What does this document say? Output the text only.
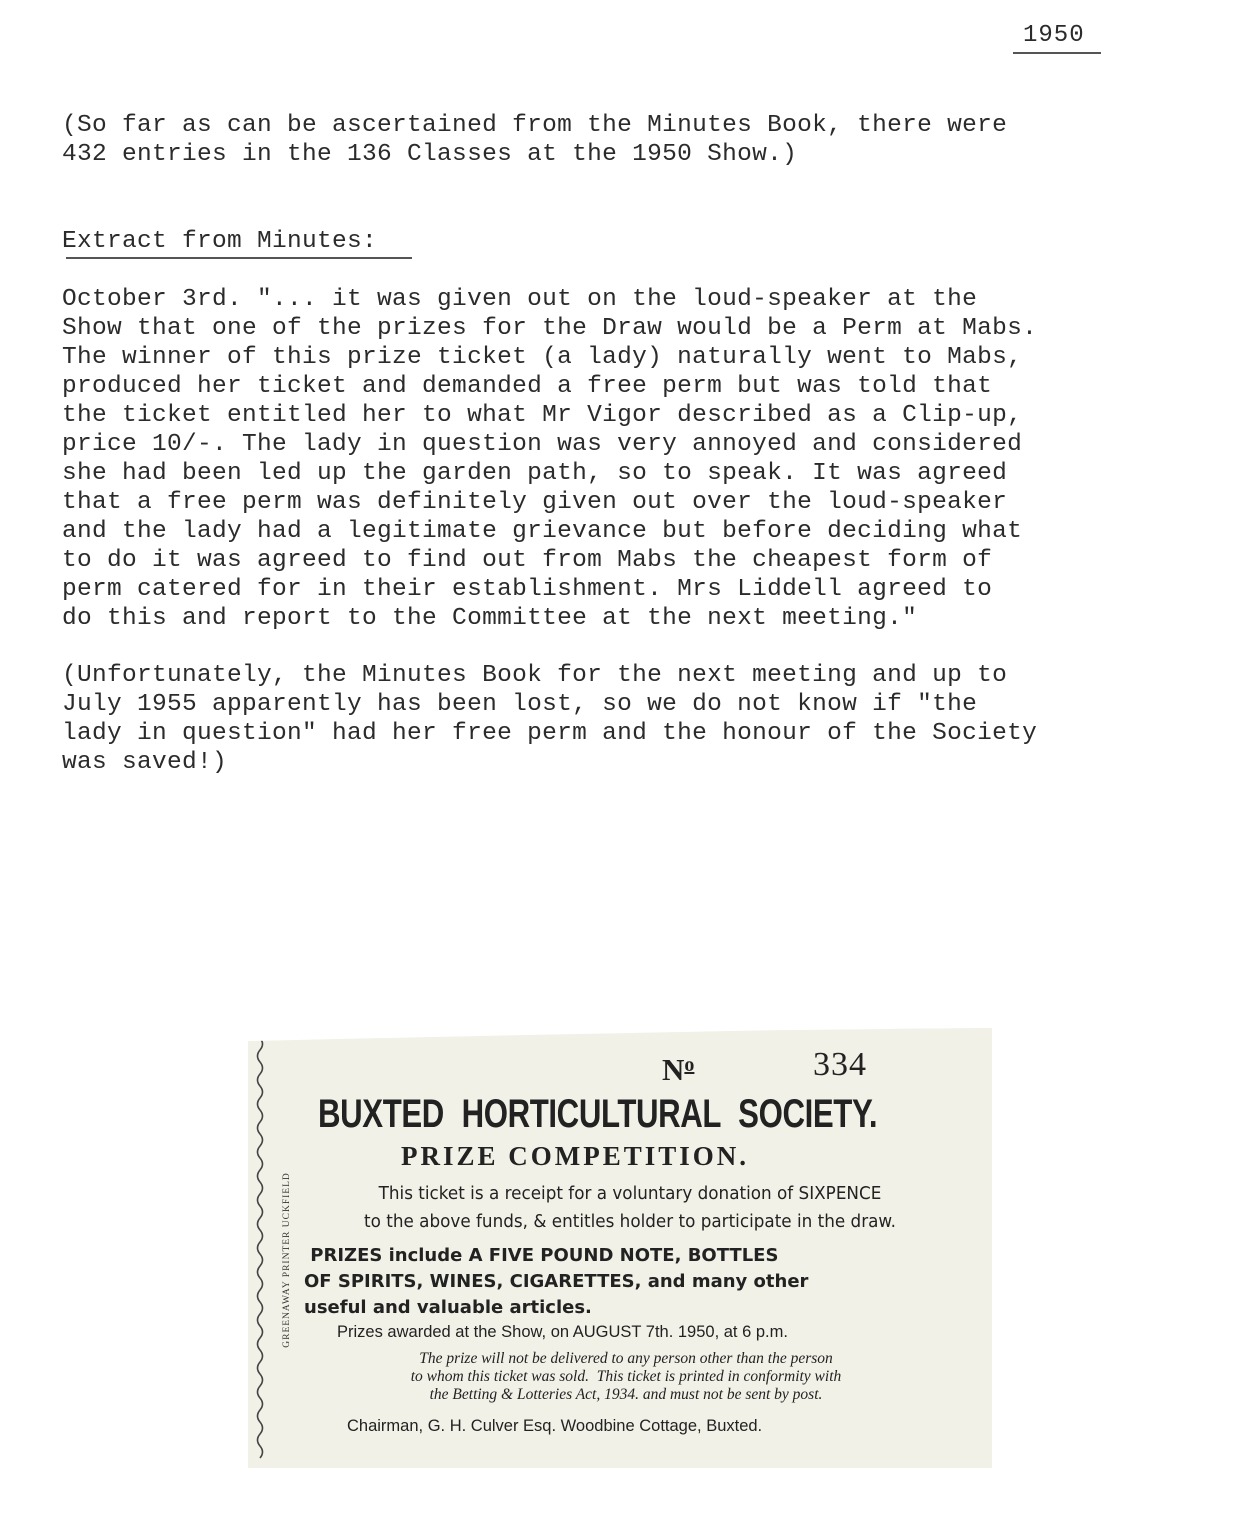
1950
(So far as can be ascertained from the Minutes Book, there were
432 entries in the 136 Classes at the 1950 Show.)
Extract from Minutes:
October 3rd. "... it was given out on the loud-speaker at the
Show that one of the prizes for the Draw would be a Perm at Mabs.
The winner of this prize ticket (a lady) naturally went to Mabs,
produced her ticket and demanded a free perm but was told that
the ticket entitled her to what Mr Vigor described as a Clip-up,
price 10/-. The lady in question was very annoyed and considered
she had been led up the garden path, so to speak. It was agreed
that a free perm was definitely given out over the loud-speaker
and the lady had a legitimate grievance but before deciding what
to do it was agreed to find out from Mabs the cheapest form of
perm catered for in their establishment. Mrs Liddell agreed to
do this and report to the Committee at the next meeting."
(Unfortunately, the Minutes Book for the next meeting and up to
July 1955 apparently has been lost, so we do not know if "the
lady in question" had her free perm and the honour of the Society
was saved!)
GREENAWAY PRINTER UCKFIELD
$N^o$	334
BUXTED HORTICULTURAL SOCIETY.
PRIZE COMPETITION.
This ticket is a receipt for a voluntary donation of SIXPENCE
to the above funds, & entitles holder to participate in the draw.
PRIZES include A FIVE POUND NOTE, BOTTLES
OF SPIRITS, WINES, CIGARETTES, and many other
useful and valuable articles.
Prizes awarded at the Show, on AUGUST 7th. 1950, at 6 p.m.
The prize will not be delivered to any person other than the person
to whom this ticket was sold.  This ticket is printed in conformity with
the Betting & Lotteries Act, 1934. and must not be sent by post.
Chairman, G. H. Culver Esq. Woodbine Cottage, Buxted.
